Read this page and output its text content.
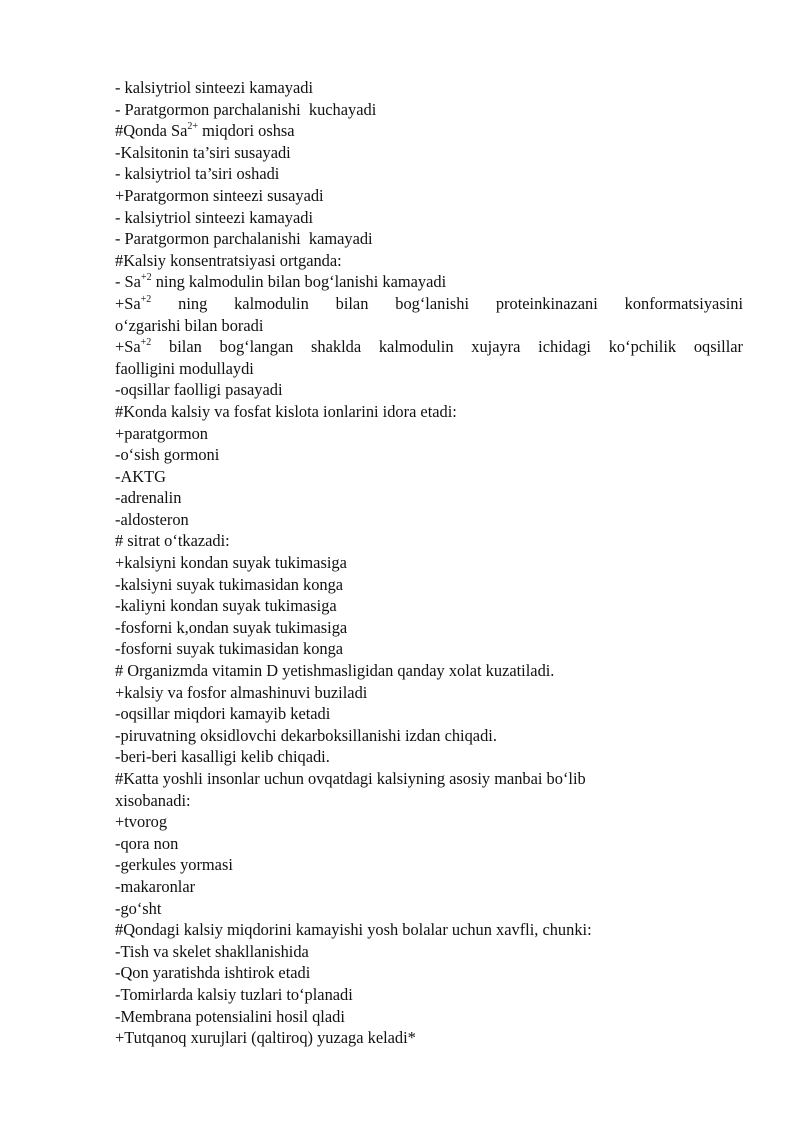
- kalsiytriol sinteezi kamayadi
- Paratgormon parchalanishi  kuchayadi
#Qonda $Sa^{2+}$ miqdori oshsa
-Kalsitonin ta’siri susayadi
- kalsiytriol ta’siri oshadi
+Paratgormon sinteezi susayadi
- kalsiytriol sinteezi kamayadi
- Paratgormon parchalanishi  kamayadi
#Kalsiy konsentratsiyasi ortganda:
- $Sa^{+2}$ ning kalmodulin bilan bog‘lanishi kamayadi
$+Sa^{+2}$ ning kalmodulin bilan bog‘lanishi proteinkinazani konformatsiyasini
o‘zgarishi bilan boradi
$+Sa^{+2}$ bilan bog‘langan shaklda kalmodulin xujayra ichidagi ko‘pchilik oqsillar
faolligini modullaydi
-oqsillar faolligi pasayadi
#Konda kalsiy va fosfat kislota ionlarini idora etadi:
+paratgormon
-o‘sish gormoni
-AKTG
-adrenalin
-aldosteron
# sitrat o‘tkazadi:
+kalsiyni kondan suyak tukimasiga
-kalsiyni suyak tukimasidan konga
-kaliyni kondan suyak tukimasiga
-fosforni k,ondan suyak tukimasiga
-fosforni suyak tukimasidan konga
# Organizmda vitamin D yetishmasligidan qanday xolat kuzatiladi.
+kalsiy va fosfor almashinuvi buziladi
-oqsillar miqdori kamayib ketadi
-piruvatning oksidlovchi dekarboksillanishi izdan chiqadi.
-beri-beri kasalligi kelib chiqadi.
#Katta yoshli insonlar uchun ovqatdagi kalsiyning asosiy manbai bo‘lib
xisobanadi:
+tvorog
-qora non
-gerkules yormasi
-makaronlar
-go‘sht
#Qondagi kalsiy miqdorini kamayishi yosh bolalar uchun xavfli, chunki:
-Tish va skelet shakllanishida
-Qon yaratishda ishtirok etadi
-Tomirlarda kalsiy tuzlari to‘planadi
-Membrana potensialini hosil qladi
+Tutqanoq xurujlari (qaltiroq) yuzaga keladi*
